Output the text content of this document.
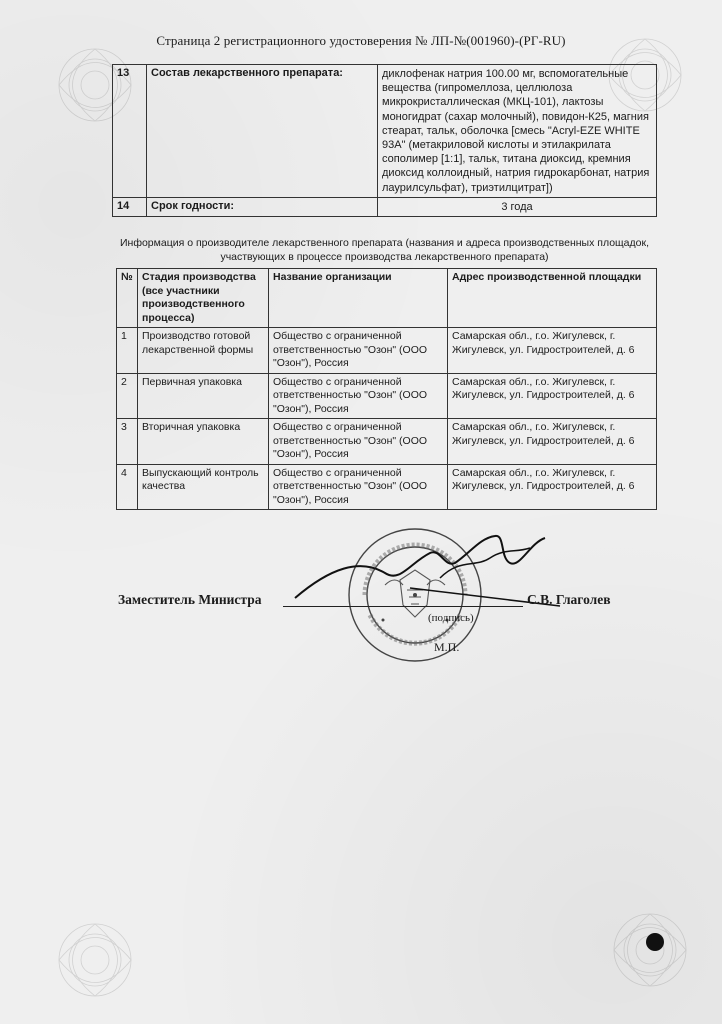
Страница 2 регистрационного удостоверения № ЛП-№(001960)-(РГ-RU)
13	Состав лекарственного препарата:	диклофенак натрия 100.00 мг, вспомогательные вещества (гипромеллоза, целлюлоза микрокристаллическая (МКЦ-101), лактозы моногидрат (сахар молочный), повидон-К25, магния стеарат, тальк, оболочка [смесь "Acryl-EZE WHITE 93A" (метакриловой кислоты и этилакрилата сополимер [1:1], тальк, титана диоксид, кремния диоксид коллоидный, натрия гидрокарбонат, натрия лаурилсульфат), триэтилцитрат])
14	Срок годности:	3 года
Информация о производителе лекарственного препарата (названия и адреса производственных площадок, участвующих в процессе производства лекарственного препарата)
№	Стадия производства (все участники производственного процесса)	Название организации	Адрес производственной площадки
1	Производство готовой лекарственной формы	Общество с ограниченной ответственностью "Озон" (ООО "Озон"), Россия	Самарская обл., г.о. Жигулевск, г. Жигулевск, ул. Гидростроителей, д. 6
2	Первичная упаковка	Общество с ограниченной ответственностью "Озон" (ООО "Озон"), Россия	Самарская обл., г.о. Жигулевск, г. Жигулевск, ул. Гидростроителей, д. 6
3	Вторичная упаковка	Общество с ограниченной ответственностью "Озон" (ООО "Озон"), Россия	Самарская обл., г.о. Жигулевск, г. Жигулевск, ул. Гидростроителей, д. 6
4	Выпускающий контроль качества	Общество с ограниченной ответственностью "Озон" (ООО "Озон"), Россия	Самарская обл., г.о. Жигулевск, г. Жигулевск, ул. Гидростроителей, д. 6
Заместитель Министра	С.В. Глаголев
(подпись)
М.П.
